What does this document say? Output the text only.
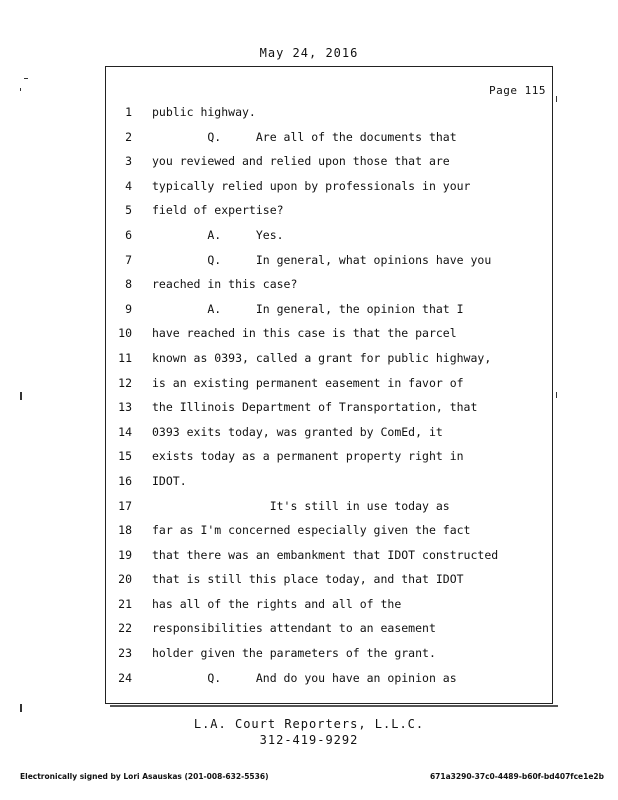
May 24, 2016
Page 115
1 public highway.
2 Q.     Are all of the documents that
3 you reviewed and relied upon those that are
4 typically relied upon by professionals in your
5 field of expertise?
6 A.     Yes.
7 Q.     In general, what opinions have you
8 reached in this case?
9 A.     In general, the opinion that I
10 have reached in this case is that the parcel
11 known as 0393, called a grant for public highway,
12 is an existing permanent easement in favor of
13 the Illinois Department of Transportation, that
14 0393 exits today, was granted by ComEd, it
15 exists today as a permanent property right in
16 IDOT.
17 It's still in use today as
18 far as I'm concerned especially given the fact
19 that there was an embankment that IDOT constructed
20 that is still this place today, and that IDOT
21 has all of the rights and all of the
22 responsibilities attendant to an easement
23 holder given the parameters of the grant.
24 Q.     And do you have an opinion as
L.A. Court Reporters, L.L.C.
312-419-9292
Electronically signed by Lori Asauskas (201-008-632-5536)	671a3290-37c0-4489-b60f-bd407fce1e2b
